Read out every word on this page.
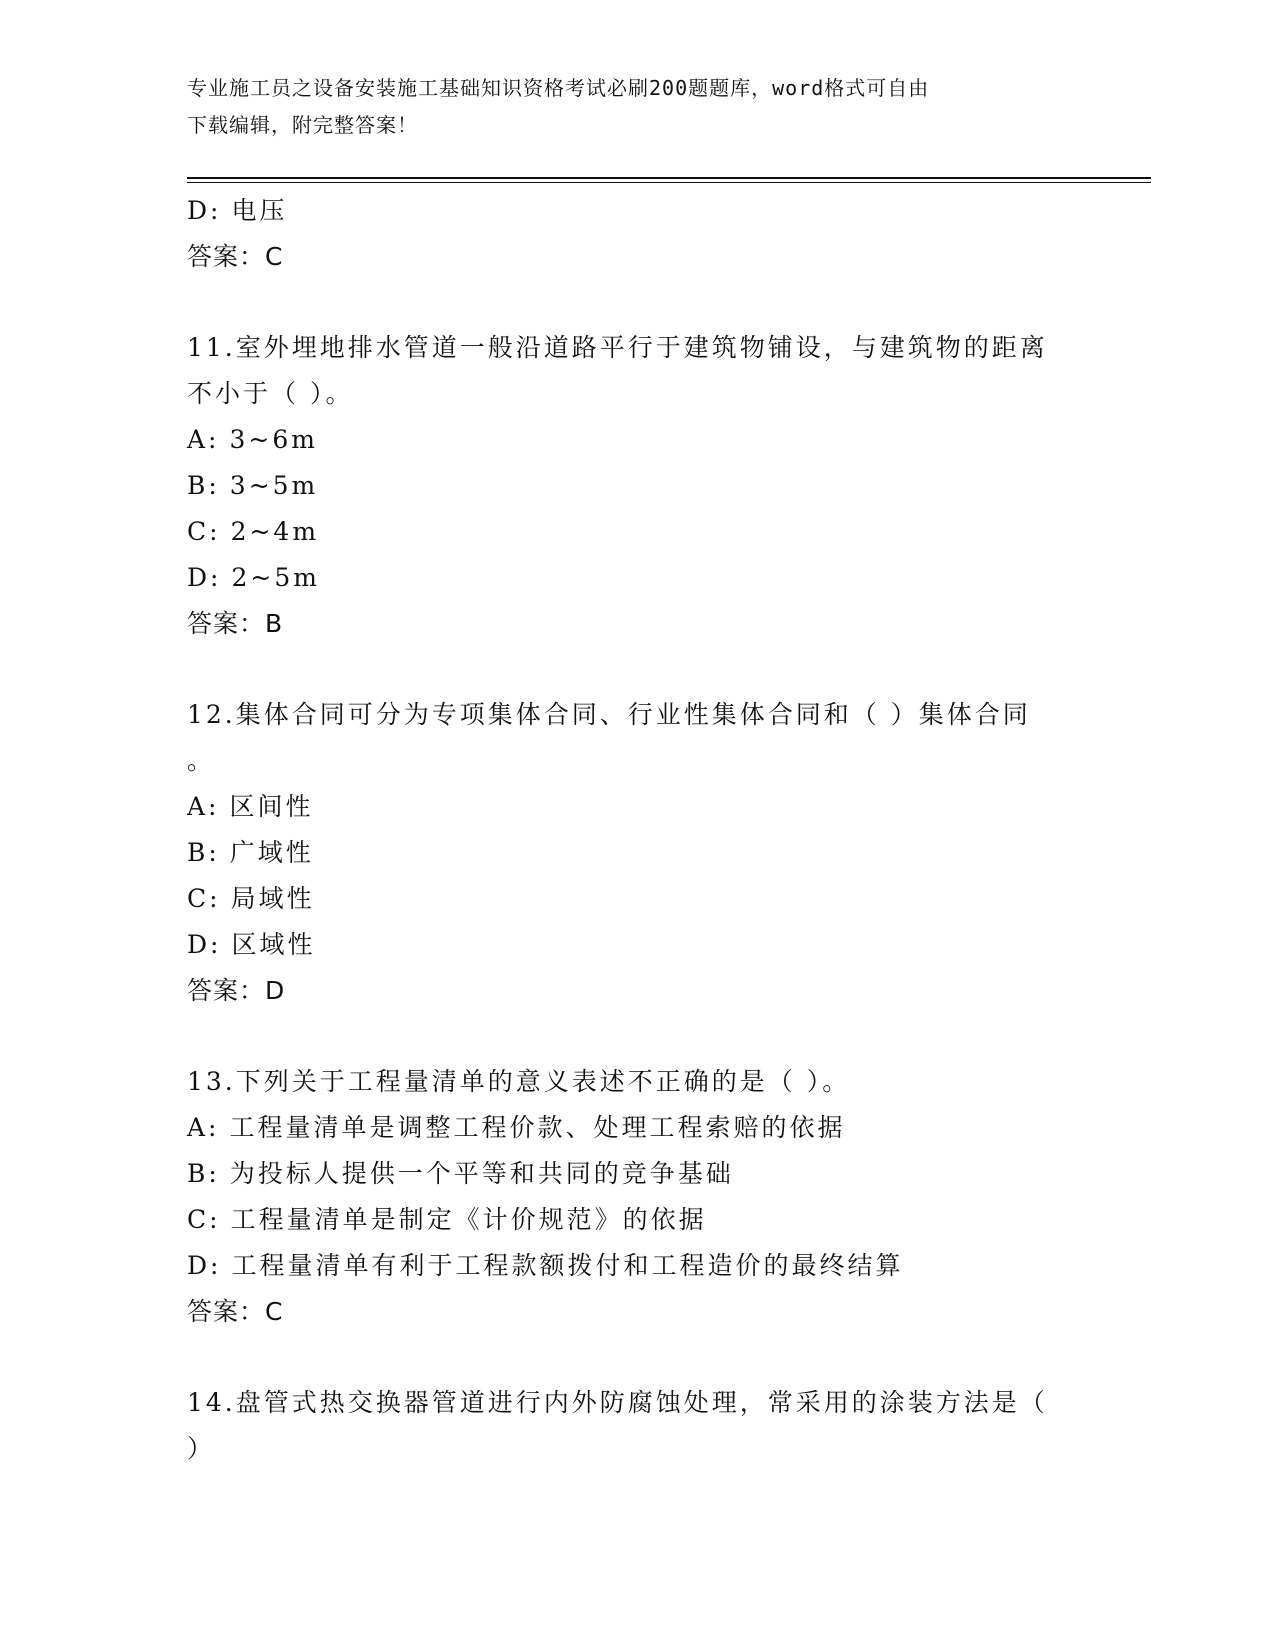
专业施工员之设备安装施工基础知识资格考试必刷200题题库，word格式可自由
下载编辑，附完整答案！
D: 电压
答案：C
11.室外埋地排水管道一般沿道路平行于建筑物铺设，与建筑物的距离
不小于（ ）。
A: 3~6m
B: 3~5m
C: 2~4m
D: 2~5m
答案：B
12.集体合同可分为专项集体合同、行业性集体合同和（ ）集体合同
。
A: 区间性
B: 广域性
C: 局域性
D: 区域性
答案：D
13.下列关于工程量清单的意义表述不正确的是（ ）。
A: 工程量清单是调整工程价款、处理工程索赔的依据
B: 为投标人提供一个平等和共同的竞争基础
C: 工程量清单是制定《计价规范》的依据
D: 工程量清单有利于工程款额拨付和工程造价的最终结算
答案：C
14.盘管式热交换器管道进行内外防腐蚀处理，常采用的涂装方法是（
）
